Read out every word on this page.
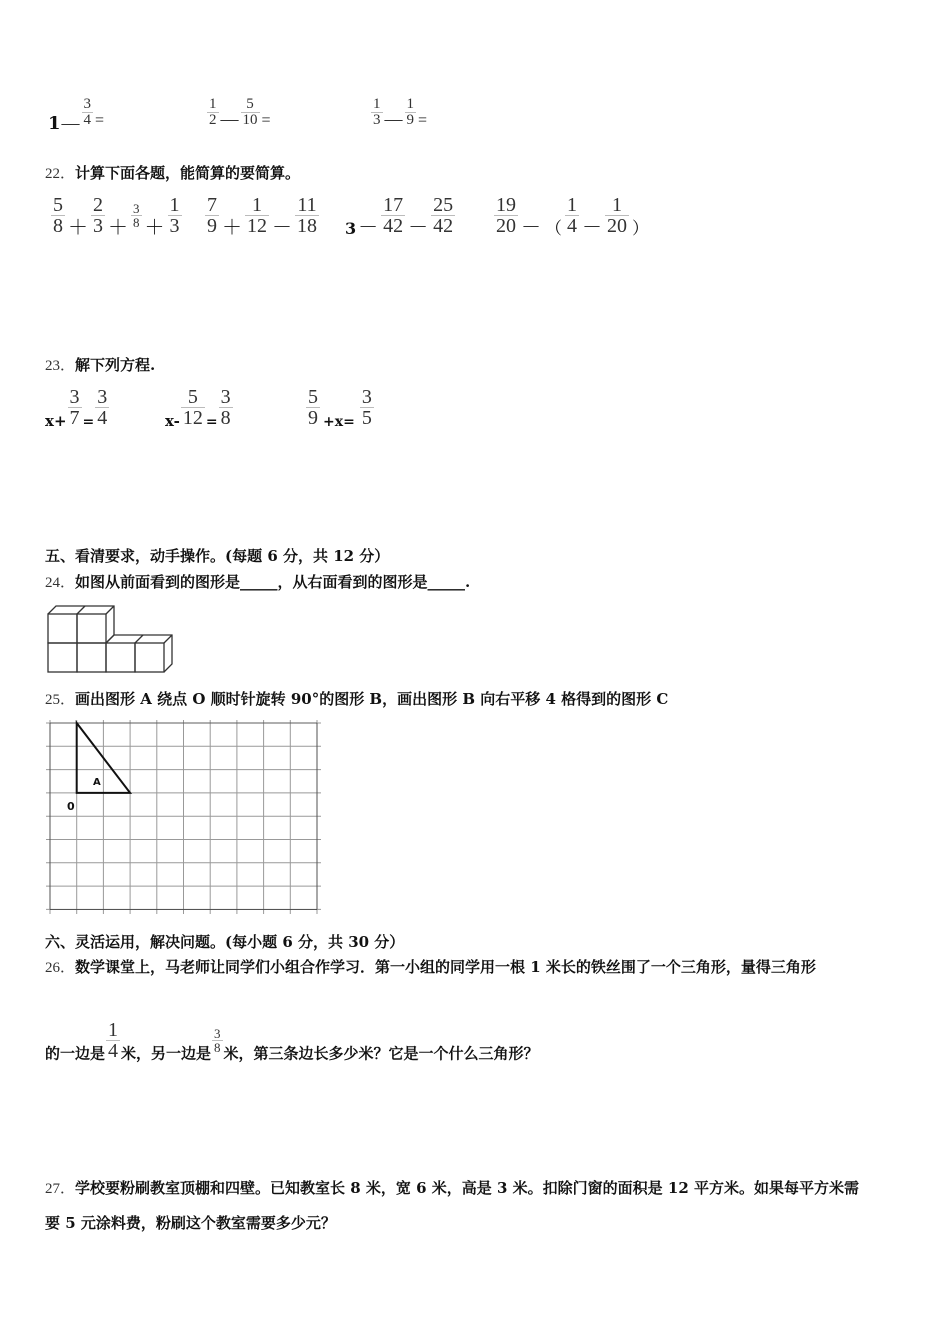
1— $\frac{3}{4}$ =	$\frac{1}{2}$ — $\frac{5}{10}$ =	$\frac{1}{3}$ — $\frac{1}{9}$ =
22．计算下面各题，能简算的要简算。
$\frac{5}{8} + \frac{2}{3} + \frac{3}{8} + \frac{1}{3} \frac{7}{9} + \frac{1}{12} - \frac{11}{18} 3 - \frac{17}{42} - \frac{25}{42} \frac{19}{20}$ － （ $\frac{1}{4} - \frac{1}{20}$ ）
23．解下列方程.
$x+ \frac{3}{7} = \frac{3}{4}$	$x- \frac{5}{12} = \frac{3}{8}$	$\frac{5}{9} +x= \frac{3}{5}$
五、看清要求，动手操作。(每题 6 分，共 12 分）
24．如图从前面看到的图形是_____，从右面看到的图形是_____.
25．画出图形 A 绕点 O 顺时针旋转 90°的图形 B，画出图形 B 向右平移 4 格得到的图形 C
A
0
六、灵活运用，解决问题。(每小题 6 分，共 30 分）
26．数学课堂上，马老师让同学们小组合作学习．第一小组的同学用一根 1 米长的铁丝围了一个三角形，量得三角形
的一边是 $\frac{1}{4}$ 米，另一边是 $\frac{3}{8}$ 米，第三条边长多少米？它是一个什么三角形？
27．学校要粉刷教室顶棚和四壁。已知教室长 8 米，宽 6 米，高是 3 米。扣除门窗的面积是 12 平方米。如果每平方米需
要 5 元涂料费，粉刷这个教室需要多少元？
